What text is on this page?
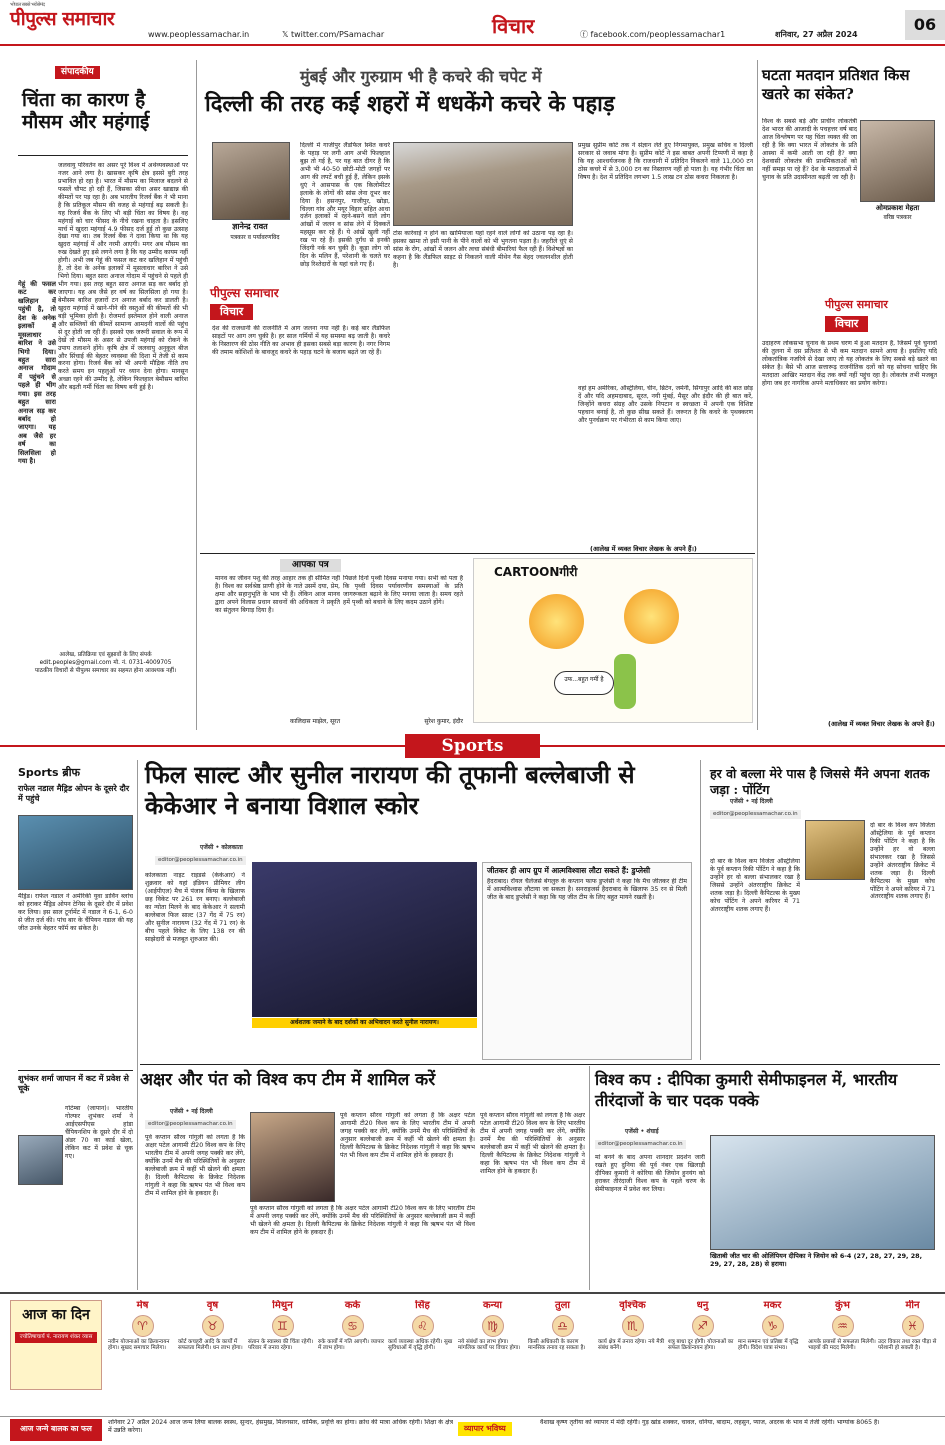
भोपाल सबसे भरोसेमंद
पीपुल्स समाचार
www.peoplessamachar.in	𝕏 twitter.com/PSamachar	विचार	ⓕ facebook.com/peoplessamachar1	शनिवार, 27 अप्रैल 2024
06
संपादकीय
चिंता का कारण है मौसम और महंगाई
जलवायु परिवर्तन का असर पूरे विश्व में अर्थव्यवस्थाओं पर नजर आने लगा है। खासकर कृषि क्षेत्र इससे बुरी तरह प्रभावित हो रहा है। भारत में मौसम का मिजाज बदलने से फसलें चौपट हो रही हैं, जिसका सीधा असर खाद्यान्न की कीमतों पर पड़ रहा है। अब भारतीय रिजर्व बैंक ने भी माना है कि प्रतिकूल मौसम की वजह से महंगाई बढ़ सकती है। यह रिजर्व बैंक के लिए भी बड़ी चिंता का विषय है। वह महंगाई को चार फीसद के नीचे रखना चाहता है। इसलिए मार्च में खुदरा महंगाई 4.9 फीसद दर्ज हुई तो कुछ उत्साह देखा गया था। तब रिजर्व बैंक ने दावा किया था कि यह खुदरा महंगाई में और नरमी आएगी। मगर अब मौसम का रुख देखते हुए इसे लगने लगा है कि यह उम्मीद कायम नहीं होगी। अभी जब गेहूं की फसल कट कर खलिहान में पहुंची है, तो देश के अनेक इलाकों में मूसलाधार बारिश ने उसे भिगो दिया। बहुत सारा अनाज गोदाम में पहुंचने से पहले ही भीग गया। इस तरह बहुत सारा अनाज सड़ कर बर्बाद हो जाएगा। यह अब जैसे हर वर्ष का सिलसिला हो गया है। बेमौसम बारिश हजारों टन अनाज बर्बाद कर डालती है। खुदरा महंगाई में खाने-पीने की वस्तुओं की कीमतों की भी बड़ी भूमिका होती है। रोजमर्रा इस्तेमाल होने वाली अनाज और सब्जियों की कीमतें सामान्य आमदनी वालों की पहुंच से दूर होती जा रही हैं। इसको एक जरूरी सवाल के रूप में देखें तो मौसम के असर से उपजी महंगाई को रोकने के उपाय तलाशने होंगे। कृषि क्षेत्र में जलवायु अनुकूल बीज और सिंचाई की बेहतर व्यवस्था की दिशा में तेजी से काम करना होगा। रिजर्व बैंक को भी अपनी मौद्रिक नीति तय करते समय इन पहलुओं पर ध्यान देना होगा। मानसून अच्छा रहने की उम्मीद है, लेकिन फिलहाल बेमौसम बारिश और बढ़ती गर्मी चिंता का विषय बनी हुई है।
गेहूं की फसल कट कर खलिहान में पहुंची है, तो देश के अनेक इलाकों में मूसलाधार बारिश ने उसे भिगो दिया। बहुत सारा अनाज गोदाम में पहुंचने से पहले ही भीग गया। इस तरह बहुत सारा अनाज सड़ कर बर्बाद हो जाएगा। यह अब जैसे हर वर्ष का सिलसिला हो गया है।
आलेख, प्रतिक्रिया एवं सुझावों के लिए संपर्क
edit.peoples@gmail.com मो. नं. 0731-4009705
पाठकीय विचारों से पीपुल्स समाचार का सहमत होना आवश्यक नहीं।
मुंबई और गुरुग्राम भी है कचरे की चपेट में
दिल्ली की तरह कई शहरों में धधकेंगे कचरे के पहाड़
ज्ञानेन्द्र रावत
पत्रकार व पर्यावरणविद
पीपुल्स समाचार
विचार
दिल्ली में गाजीपुर लैंडफिल स्थित कचरे के पहाड़ पर लगी आग अभी फिलहाल बुझ तो गई है, पर यह बात दीगर है कि अभी भी 40-50 छोटी-मोटी जगहों पर आग की लपटें बची हुई हैं, लेकिन इसके धुएं ने आसपास के एक किलोमीटर इलाके के लोगों की सांस लेना दूभर कर दिया है। हसनपुर, गाजीपुर, खोड़ा, चिल्ला गांव और मयूर विहार सहित आधा दर्जन इलाकों में रहने-बसने वाले लोग आंखों में जलन व सांस लेने में दिक्कतें महसूस कर रहे हैं। ये आंखें खुली नहीं रख पा रहे हैं। इसकी दुर्गंध से इनकी जिंदगी नर्क बन चुकी है। कूड़ा लोग जो दिन के मलिन हैं, परेशानी के चलते घर छोड़ रिश्तेदारों के यहां चले गए हैं।
देश की राजधानी की राजनीति में आग जलना नया नहीं है। कई बार लैंडफिल साइटों पर आग लग चुकी है। हर साल गर्मियों में यह समस्या बढ़ जाती है। कचरे के निस्तारण की ठोस नीति का अभाव ही इसका सबसे बड़ा कारण है। नगर निगम की तमाम कोशिशों के बावजूद कचरे के पहाड़ घटने के बजाय बढ़ते जा रहे हैं।
टोस कार्रवाई न होने का खामियाजा यहां रहने वाले लोगों को उठाना पड़ रहा है। इसका खामा तो इसी पानी के पीने वालों को भी भुगतना पड़ता है। जहरीले धुएं से सांस के रोग, आंखों में जलन और त्वचा संबंधी बीमारियां फैल रही हैं। विशेषज्ञों का कहना है कि लैंडफिल साइट से निकलने वाली मीथेन गैस बेहद ज्वलनशील होती है।
प्रमुख सुप्रीम कोर्ट तक ने संज्ञान लेते हुए निगमायुक्त, प्रमुख सचिव व दिल्ली सरकार से जवाब मांगा है। सुप्रीम कोर्ट ने इस बाबत अपनी टिप्पणी में कहा है कि यह आश्चर्यजनक है कि राजधानी में प्रतिदिन निकलने वाले 11,000 टन ठोस कचरे में से 3,000 टन का निस्तारण नहीं हो पाता है। यह गंभीर चिंता का विषय है। देश में प्रतिदिन लगभग 1.5 लाख टन ठोस कचरा निकलता है।
वहां हम अमेरिका, ऑस्ट्रेलिया, चीन, ब्रिटेन, जर्मनी, सिंगापुर आदि की बात छोड़ दें और यदि अहमदाबाद, सूरत, नयी मुंबई, मैसूर और इंदौर की ही बात करें, जिन्होंने कचरा संग्रह और उसके निपटान व स्वच्छता में अपनी एक विशिष्ट पहचान बनाई है, तो कुछ सीख सकते हैं। जरूरत है कि कचरे के पृथक्करण और पुनर्चक्रण पर गंभीरता से काम किया जाए।
(आलेख में व्यक्त विचार लेखक के अपने हैं।)
घटता मतदान प्रतिशत किस खतरे का संकेत?
विश्व के सबसे बड़े और प्राचीन लोकतंत्री देश भारत की आजादी के पचहत्तर वर्ष बाद आज विश्लेषण पर यह चिंता व्यक्त की जा रही है कि क्या भारत में लोकतंत्र के प्रति आस्था में कमी आती जा रही है? क्या देशवासी लोकतंत्र की प्राथमिकताओं को नहीं समझ पा रहे हैं? देश के मतदाताओं में चुनाव के प्रति उदासीनता बढ़ती जा रही है।
ओमप्रकाश मेहता
वरिष्ठ पत्रकार
पीपुल्स समाचार
विचार
उदाहरण लोकसभा चुनाव के प्रथम चरण में हुआ मतदान है, जिसमें पूर्व चुनावों की तुलना में दस प्रतिशत से भी कम मतदान सामने आया है। इसलिए यदि लोकतांत्रिक नजरिये से देखा जाए तो यह लोकतंत्र के लिए सबसे बड़े खतरे का संकेत है। बैसे भी आज सत्तारूढ़ राजनीतिक दलों को यह सोचना चाहिए कि मतदाता आखिर मतदान केंद्र तक क्यों नहीं पहुंच रहा है। लोकतंत्र तभी मजबूत होगा जब हर नागरिक अपने मताधिकार का प्रयोग करेगा।
(आलेख में व्यक्त विचार लेखक के अपने हैं।)
आपका पत्र
मानव का जीवन पशु की तरह आहार तक ही सीमित नहीं है। विश्व का सर्वश्रेष्ठ प्राणी होने के नाते उसमें दया, प्रेम, क्षमा और सहानुभूति के भाव भी हैं। लेकिन आज मानव द्वारा अपने विलास प्रधान साधनों की अधिकता ने प्रकृति का संतुलन बिगाड़ दिया है।
कालिदास माझेल, सूरत
पिछले दिनों पृथ्वी दिवस मनाया गया। सभी को पता है कि पृथ्वी दिवस पर्यावरणीय समस्याओं के प्रति जागरूकता बढ़ाने के लिए मनाया जाता है। समय रहते हमें पृथ्वी को बचाने के लिए कदम उठाने होंगे।
सुरेश कुमार, इंदौर
CARTOONगीरी
उफ...बहुत गर्मी है
Sports
Sports ब्रीफ
राफेल नडाल मैड्रिड ओपन के दूसरे दौर में पहुंचे
मैड्रिड। राफेल नडाल ने अमेरिकी युवा डार्विन ब्लांच को हराकर मैड्रिड ओपन टेनिस के दूसरे दौर में प्रवेश कर लिया। इस साल टूर्नामेंट में नडाल ने 6-1, 6-0 से जीत दर्ज की। पांच बार के चैंपियन नडाल की यह जीत उनके बेहतर फॉर्म का संकेत है।
शुभंकर शर्मा जापान में कट में प्रवेश से चूके
गोटेम्बा (जापान)। भारतीय गोल्फर शुभंकर शर्मा ने आईएसपीएस हांडा चैंपियनशिप के दूसरे दौर में दो अंडर 70 का कार्ड खेला, लेकिन कट में प्रवेश से चूक गए।
फिल साल्ट और सुनील नारायण की तूफानी बल्लेबाजी से केकेआर ने बनाया विशाल स्कोर
एजेंसी • कोलकाता
editor@peoplessamachar.co.in
कोलकाता नाइट राइडर्स (केकेआर) ने शुक्रवार को यहां इंडियन प्रीमियर लीग (आईपीएल) मैच में पंजाब किंग्स के खिलाफ छह विकेट पर 261 रन बनाए। बल्लेबाजी का न्योता मिलने के बाद केकेआर ने सलामी बल्लेबाज फिल साल्ट (37 गेंद में 75 रन) और सुनील नारायण (32 गेंद में 71 रन) के बीच पहले विकेट के लिए 138 रन की साझेदारी से मजबूत शुरुआत की।
अर्धशतक जमाने के बाद दर्शकों का अभिवादन करते सुनील नारायण।
जीतकर ही आप ग्रुप में आत्मविश्वास लौटा सकते हैं: डुप्लेसी
हैदराबाद। रॉयल चैलेंजर्स बेंगलुरु के कप्तान फाफ डुप्लेसी ने कहा कि मैच जीतकर ही टीम में आत्मविश्वास लौटाया जा सकता है। सनराइजर्स हैदराबाद के खिलाफ 35 रन से मिली जीत के बाद डुप्लेसी ने कहा कि यह जीत टीम के लिए बहुत मायने रखती है।
हर वो बल्ला मेरे पास है जिससे मैंने अपना शतक जड़ा : पोंटिंग
एजेंसी • नई दिल्ली
editor@peoplessamachar.co.in
दो बार के विश्व कप विजेता ऑस्ट्रेलिया के पूर्व कप्तान रिकी पोंटिंग ने कहा है कि उन्होंने हर वो बल्ला संभालकर रखा है जिससे उन्होंने अंतरराष्ट्रीय क्रिकेट में शतक जड़ा है। दिल्ली कैपिटल्स के मुख्य कोच पोंटिंग ने अपने करियर में 71 अंतरराष्ट्रीय शतक लगाए हैं।
दो बार के विश्व कप विजेता ऑस्ट्रेलिया के पूर्व कप्तान रिकी पोंटिंग ने कहा है कि उन्होंने हर वो बल्ला संभालकर रखा है जिससे उन्होंने अंतरराष्ट्रीय क्रिकेट में शतक जड़ा है। दिल्ली कैपिटल्स के मुख्य कोच पोंटिंग ने अपने करियर में 71 अंतरराष्ट्रीय शतक लगाए हैं।
अक्षर और पंत को विश्व कप टीम में शामिल करें
एजेंसी • नई दिल्ली
editor@peoplessamachar.co.in
पूर्व कप्तान सौरव गांगुली को लगता है कि अक्षर पटेल आगामी टी20 विश्व कप के लिए भारतीय टीम में अपनी जगह पक्की कर लेंगे, क्योंकि उनमें मैच की परिस्थितियों के अनुसार बल्लेबाजी क्रम में कहीं भी खेलने की क्षमता है। दिल्ली कैपिटल्स के क्रिकेट निदेशक गांगुली ने कहा कि ऋषभ पंत भी विश्व कप टीम में शामिल होने के हकदार हैं।
पूर्व कप्तान सौरव गांगुली को लगता है कि अक्षर पटेल आगामी टी20 विश्व कप के लिए भारतीय टीम में अपनी जगह पक्की कर लेंगे, क्योंकि उनमें मैच की परिस्थितियों के अनुसार बल्लेबाजी क्रम में कहीं भी खेलने की क्षमता है। दिल्ली कैपिटल्स के क्रिकेट निदेशक गांगुली ने कहा कि ऋषभ पंत भी विश्व कप टीम में शामिल होने के हकदार हैं।
पूर्व कप्तान सौरव गांगुली को लगता है कि अक्षर पटेल आगामी टी20 विश्व कप के लिए भारतीय टीम में अपनी जगह पक्की कर लेंगे, क्योंकि उनमें मैच की परिस्थितियों के अनुसार बल्लेबाजी क्रम में कहीं भी खेलने की क्षमता है। दिल्ली कैपिटल्स के क्रिकेट निदेशक गांगुली ने कहा कि ऋषभ पंत भी विश्व कप टीम में शामिल होने के हकदार हैं।
पूर्व कप्तान सौरव गांगुली को लगता है कि अक्षर पटेल आगामी टी20 विश्व कप के लिए भारतीय टीम में अपनी जगह पक्की कर लेंगे, क्योंकि उनमें मैच की परिस्थितियों के अनुसार बल्लेबाजी क्रम में कहीं भी खेलने की क्षमता है। दिल्ली कैपिटल्स के क्रिकेट निदेशक गांगुली ने कहा कि ऋषभ पंत भी विश्व कप टीम में शामिल होने के हकदार हैं।
विश्व कप : दीपिका कुमारी सेमीफाइनल में, भारतीय तीरंदाजों के चार पदक पक्के
एजेंसी • शंघाई
editor@peoplessamachar.co.in
मां बनने के बाद अपना शानदार प्रदर्शन जारी रखते हुए दुनिया की पूर्व नंबर एक खिलाड़ी दीपिका कुमारी ने कोरिया की जियोन हुनयंग को हराकर तीरंदाजी विश्व कप के पहले चरण के सेमीफाइनल में प्रवेश कर लिया।
खिताबी जीत चार की ओलिंपियन दीपिका ने जियोन को 6-4 (27, 28, 27, 29, 28, 29, 27, 28, 28) से हराया।
आज का दिन
ज्योतिषाचार्य पं. नारायण शंकर व्यास
मेष
♈
नवीन योजनाओं का क्रियान्वयन होगा। सुखद समाचार मिलेगा।
वृष
♉
कोर्ट कचहरी आदि के कार्यों में सफलता मिलेगी। धन लाभ होगा।
मिथुन
♊
संतान के स्वास्थ्य की चिंता रहेगी। परिवार में तनाव रहेगा।
कर्क
♋
रुके कार्यों में गति आएगी। व्यापार में लाभ होगा।
सिंह
♌
कार्य व्यवस्था अधिक रहेगी। सुख सुविधाओं में वृद्धि होगी।
कन्या
♍
नये संबंधों का लाभ होगा। मांगलिक कार्यों पर विचार होगा।
तुला
♎
किसी अधिकारी के कारण मानसिक तनाव रह सकता है।
वृश्चिक
♏
कार्य क्षेत्र में तनाव रहेगा। नये मैत्री संबंध बनेंगे।
धनु
♐
शत्रु बाधा दूर होगी। योजनाओं का सफल क्रियान्वयन होगा।
मकर
♑
मान सम्मान एवं प्रतिष्ठा में वृद्धि होगी। विदेश यात्रा संभव।
कुंभ
♒
आपके प्रयासों से सफलता मिलेगी। भाइयों की मदद मिलेगी।
मीन
♓
उदर विकार तथा रक्त पीड़ा से परेशानी हो सकती है।
आज जन्मे बालक का फल
शनिवार 27 अप्रैल 2024 आज जन्म लिया बालक स्वस्थ, सुन्दर, हंसमुख, मिलनसार, धार्मिक, प्रवृत्ति का होगा। क्रोध की मात्रा अधिक रहेगी। शिक्षा के क्षेत्र में उन्नति करेगा।	व्यापार भविष्य
वैशाख कृष्ण तृतीया को व्यापार में मंदी रहेगी। गुड़ खांड शक्कर, चावल, धनिया, बादाम, लहसुन, प्याज, अदरक के भाव में तेजी रहेगी। भाग्यांक 8065 है।
